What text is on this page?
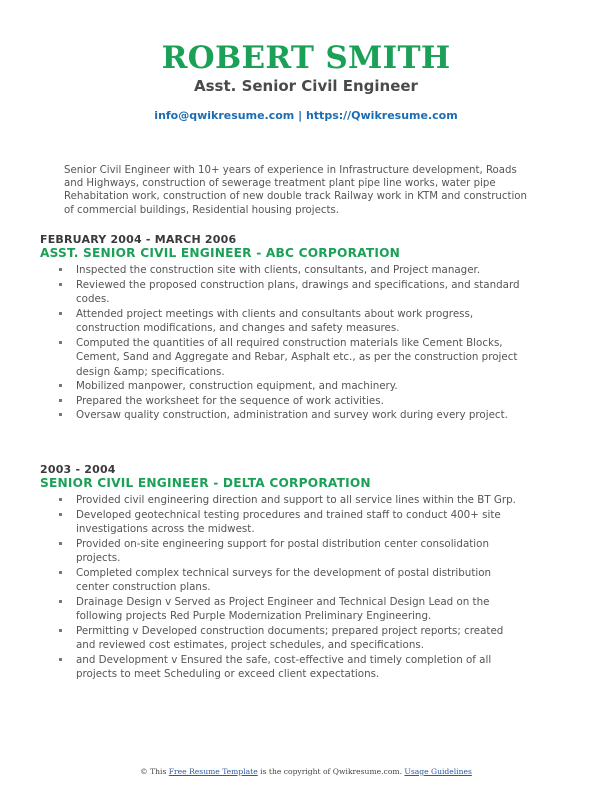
ROBERT SMITH
Asst. Senior Civil Engineer
info@qwikresume.com | https://Qwikresume.com
Senior Civil Engineer with 10+ years of experience in Infrastructure development, Roads and Highways, construction of sewerage treatment plant pipe line works, water pipe Rehabitation work, construction of new double track Railway work in KTM and construction of commercial buildings, Residential housing projects.
FEBRUARY 2004 - MARCH 2006
ASST. SENIOR CIVIL ENGINEER - ABC CORPORATION
Inspected the construction site with clients, consultants, and Project manager.
Reviewed the proposed construction plans, drawings and specifications, and standard codes.
Attended project meetings with clients and consultants about work progress, construction modifications, and changes and safety measures.
Computed the quantities of all required construction materials like Cement Blocks, Cement, Sand and Aggregate and Rebar, Asphalt etc., as per the construction project design &amp; specifications.
Mobilized manpower, construction equipment, and machinery.
Prepared the worksheet for the sequence of work activities.
Oversaw quality construction, administration and survey work during every project.
2003 - 2004
SENIOR CIVIL ENGINEER - DELTA CORPORATION
Provided civil engineering direction and support to all service lines within the BT Grp.
Developed geotechnical testing procedures and trained staff to conduct 400+ site investigations across the midwest.
Provided on-site engineering support for postal distribution center consolidation projects.
Completed complex technical surveys for the development of postal distribution center construction plans.
Drainage Design v Served as Project Engineer and Technical Design Lead on the following projects Red Purple Modernization Preliminary Engineering.
Permitting v Developed construction documents; prepared project reports; created and reviewed cost estimates, project schedules, and specifications.
and Development v Ensured the safe, cost-effective and timely completion of all projects to meet Scheduling or exceed client expectations.
© This Free Resume Template is the copyright of Qwikresume.com. Usage Guidelines
